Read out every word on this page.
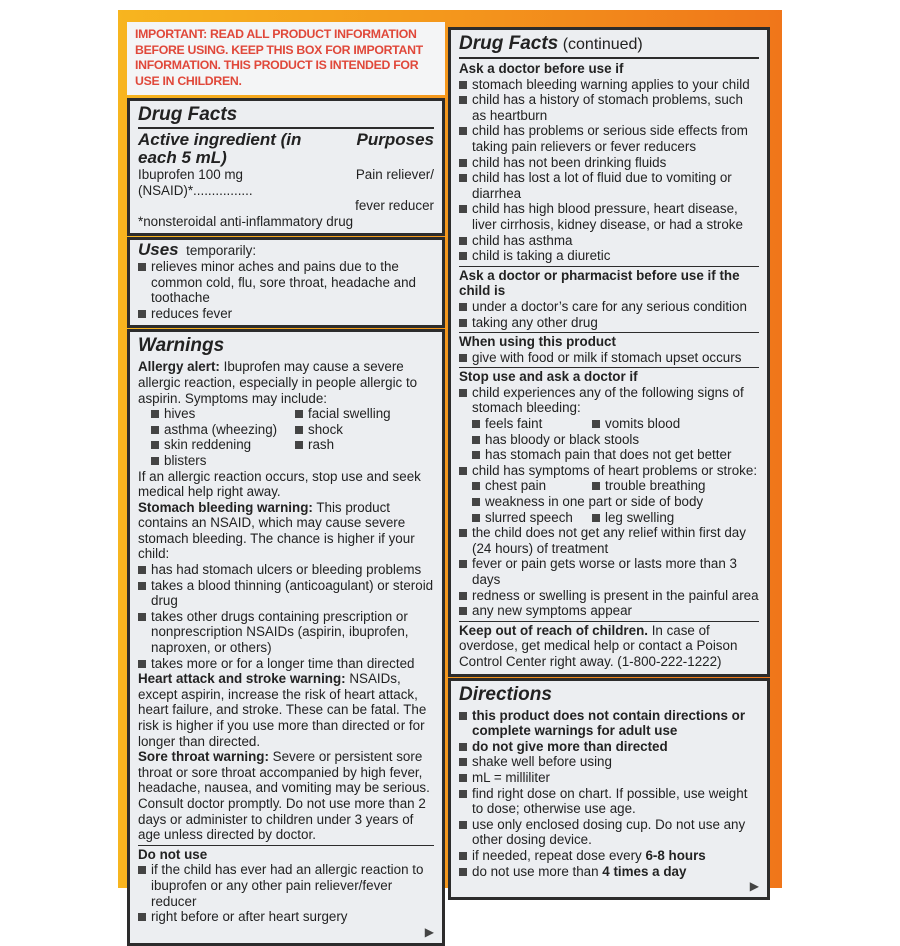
IMPORTANT: READ ALL PRODUCT INFORMATION BEFORE USING. KEEP THIS BOX FOR IMPORTANT INFORMATION. THIS PRODUCT IS INTENDED FOR USE IN CHILDREN.
Drug Facts
Active ingredient (in each 5 mL)
Purposes
Ibuprofen 100 mg (NSAID)*................
Pain reliever/
fever reducer
*nonsteroidal anti-inflammatory drug
Uses temporarily:
relieves minor aches and pains due to the common cold, flu, sore throat, headache and toothache
reduces fever
Warnings
Allergy alert: Ibuprofen may cause a severe allergic reaction, especially in people allergic to aspirin. Symptoms may include:
hives	facial swelling
asthma (wheezing)	shock
skin reddening	rash
blisters
If an allergic reaction occurs, stop use and seek medical help right away.
Stomach bleeding warning: This product contains an NSAID, which may cause severe stomach bleeding. The chance is higher if your child:
has had stomach ulcers or bleeding problems
takes a blood thinning (anticoagulant) or steroid drug
takes other drugs containing prescription or nonprescription NSAIDs (aspirin, ibuprofen, naproxen, or others)
takes more or for a longer time than directed
Heart attack and stroke warning: NSAIDs, except aspirin, increase the risk of heart attack, heart failure, and stroke. These can be fatal. The risk is higher if you use more than directed or for longer than directed.
Sore throat warning: Severe or persistent sore throat or sore throat accompanied by high fever, headache, nausea, and vomiting may be serious. Consult doctor promptly. Do not use more than 2 days or administer to children under 3 years of age unless directed by doctor.
Do not use
if the child has ever had an allergic reaction to ibuprofen or any other pain reliever/fever reducer
right before or after heart surgery
▶
Drug Facts (continued)
Ask a doctor before use if
stomach bleeding warning applies to your child
child has a history of stomach problems, such as heartburn
child has problems or serious side effects from taking pain relievers or fever reducers
child has not been drinking fluids
child has lost a lot of fluid due to vomiting or diarrhea
child has high blood pressure, heart disease, liver cirrhosis, kidney disease, or had a stroke
child has asthma
child is taking a diuretic
Ask a doctor or pharmacist before use if the child is
under a doctor’s care for any serious condition
taking any other drug
When using this product
give with food or milk if stomach upset occurs
Stop use and ask a doctor if
child experiences any of the following signs of stomach bleeding:
feels faint	vomits blood
has bloody or black stools
has stomach pain that does not get better
child has symptoms of heart problems or stroke:
chest pain	trouble breathing
weakness in one part or side of body
slurred speech	leg swelling
the child does not get any relief within first day (24 hours) of treatment
fever or pain gets worse or lasts more than 3 days
redness or swelling is present in the painful area
any new symptoms appear
Keep out of reach of children. In case of overdose, get medical help or contact a Poison Control Center right away. (1-800-222-1222)
Directions
this product does not contain directions or complete warnings for adult use
do not give more than directed
shake well before using
mL = milliliter
find right dose on chart. If possible, use weight to dose; otherwise use age.
use only enclosed dosing cup. Do not use any other dosing device.
if needed, repeat dose every 6-8 hours
do not use more than 4 times a day
▶
